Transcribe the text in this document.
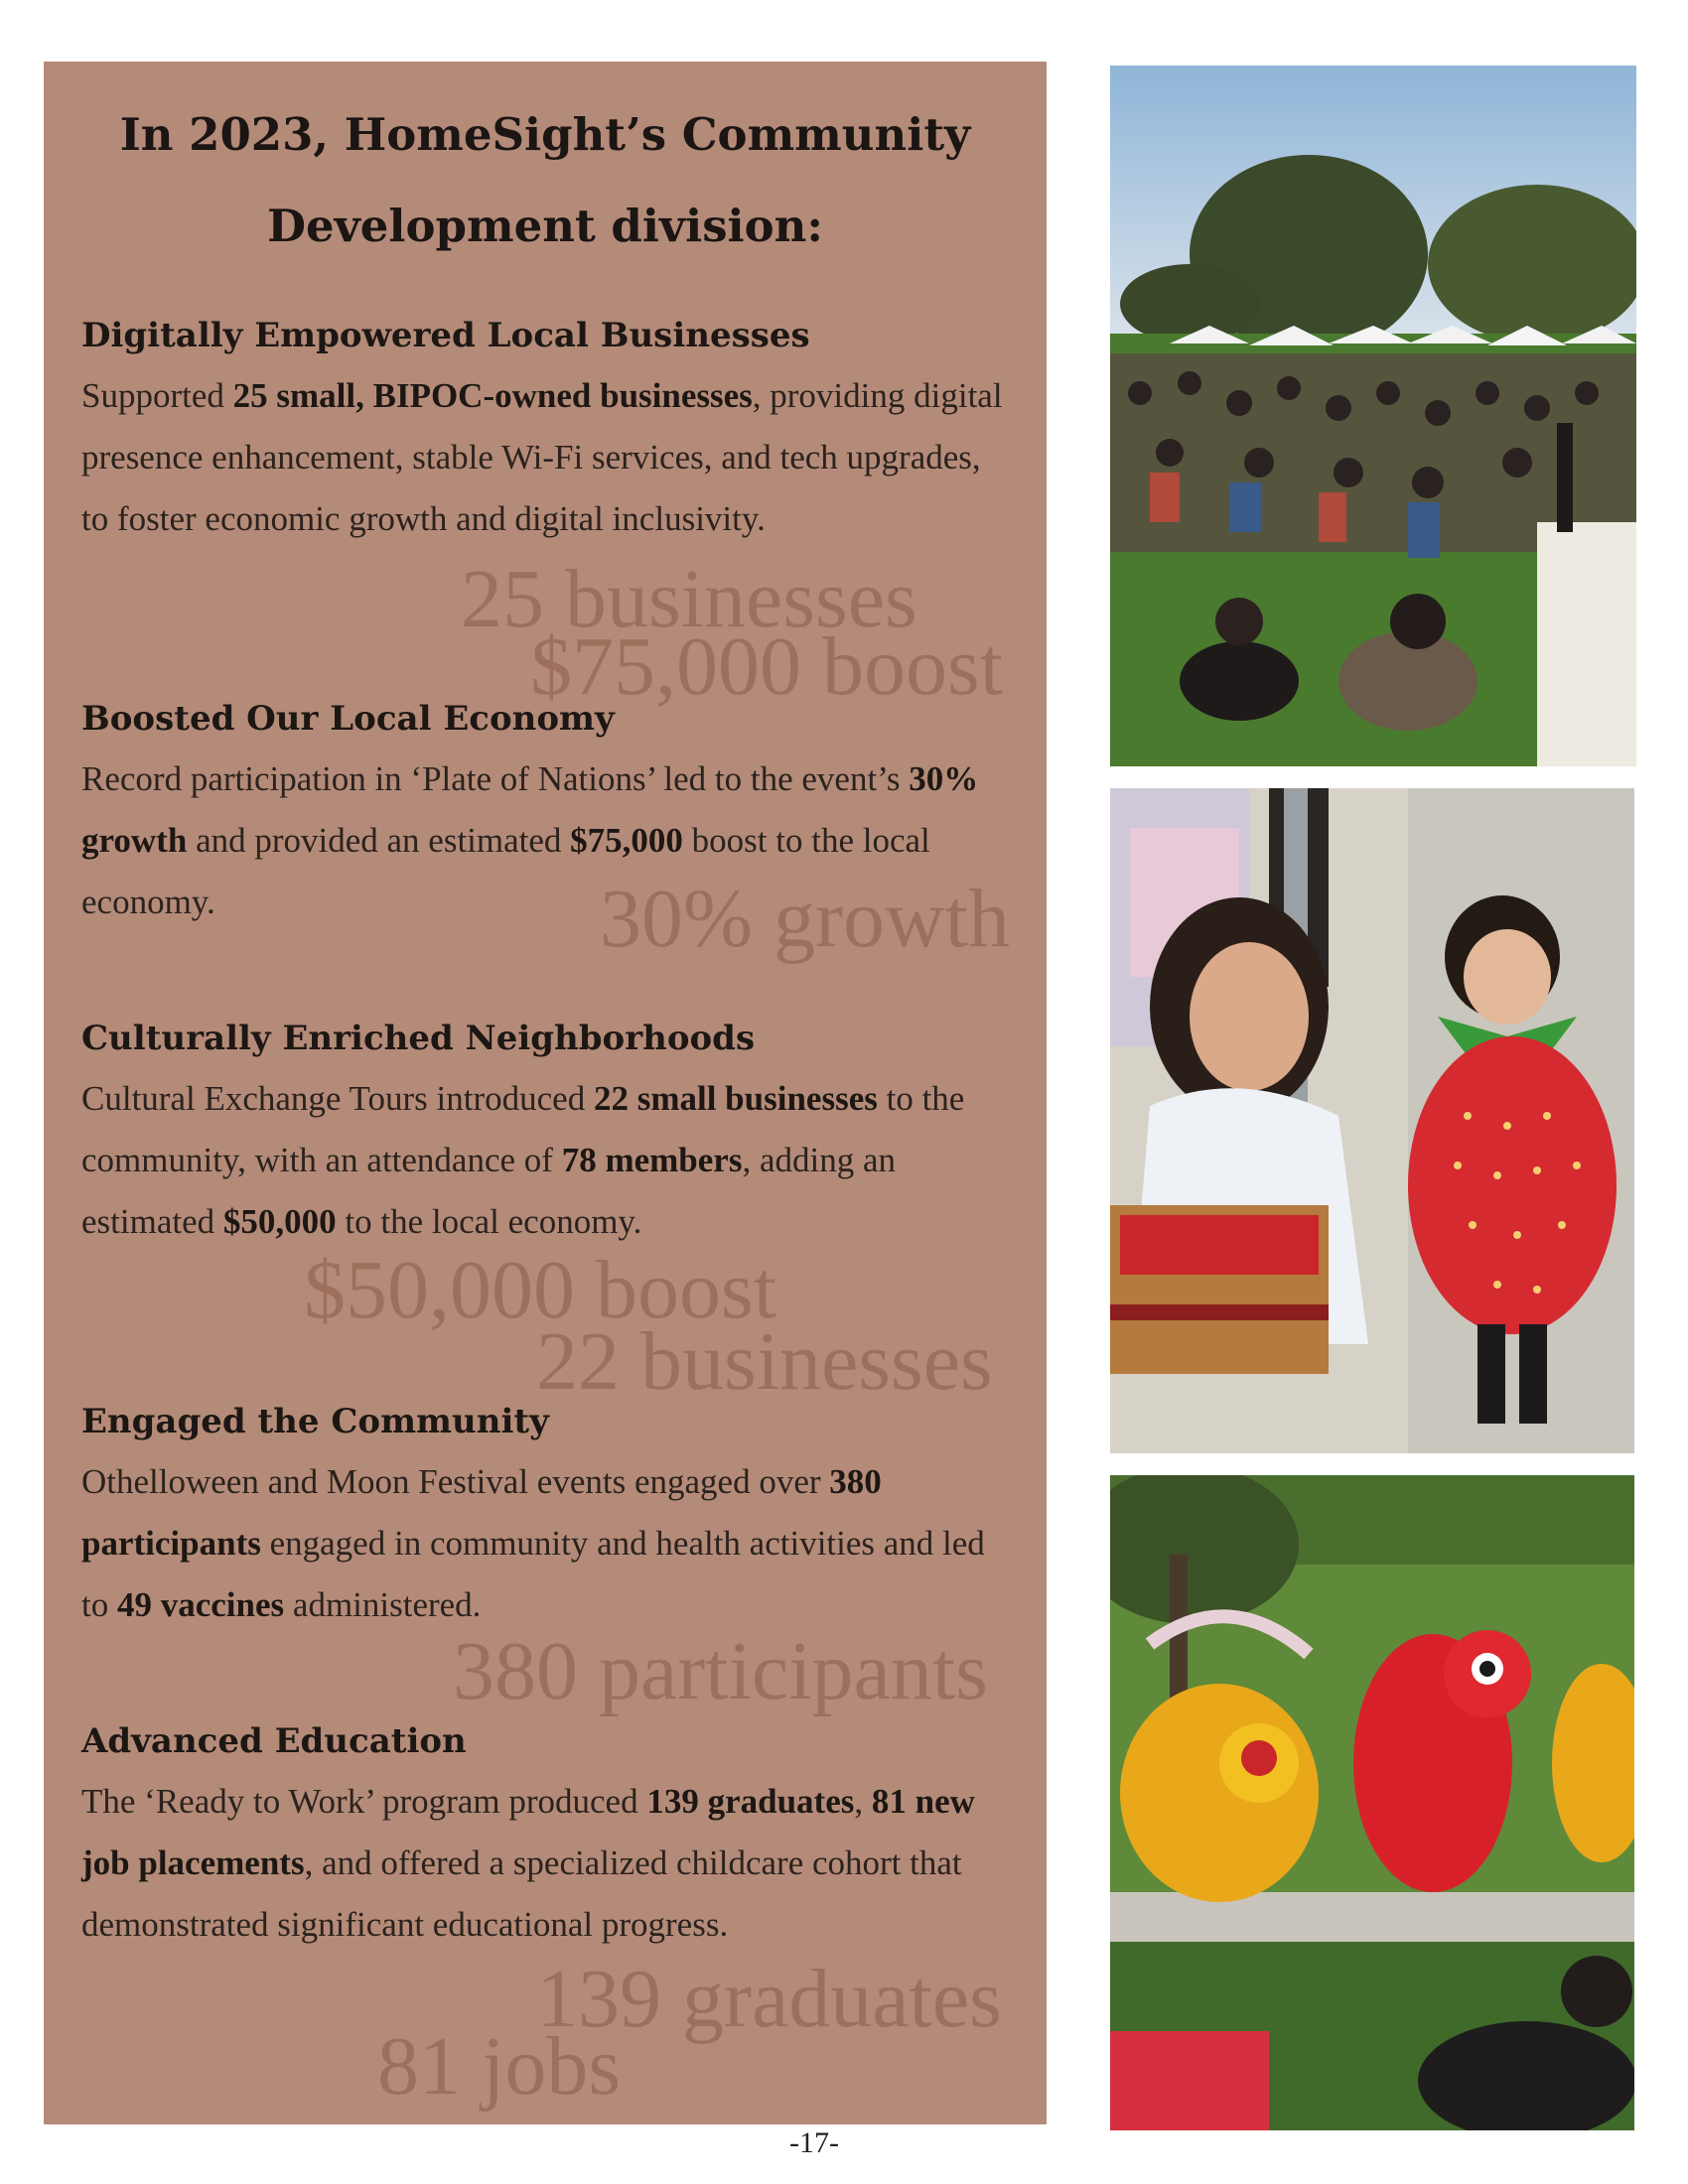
In 2023, HomeSight’s Community
Development division:
25 businesses
$75,000 boost
30% growth
$50,000 boost
22 businesses
380 participants
139 graduates
81 jobs
Digitally Empowered Local Businesses

Supported 25 small, BIPOC-owned businesses, providing digital presence enhancement, stable Wi-Fi services, and tech upgrades, to foster economic growth and digital inclusivity.

Boosted Our Local Economy

Record participation in ‘Plate of Nations’ led to the event’s 30% growth and provided an estimated $75,000 boost to the local economy.

Culturally Enriched Neighborhoods

Cultural Exchange Tours introduced 22 small businesses to the community, with an attendance of 78 members, adding an estimated $50,000 to the local economy.

Engaged the Community

Othelloween and Moon Festival events engaged over 380 participants engaged in community and health activities and led to 49 vaccines administered.

Advanced Education

The ‘Ready to Work’ program produced 139 graduates, 81 new job placements, and offered a specialized childcare cohort that demonstrated significant educational progress.

-17-
